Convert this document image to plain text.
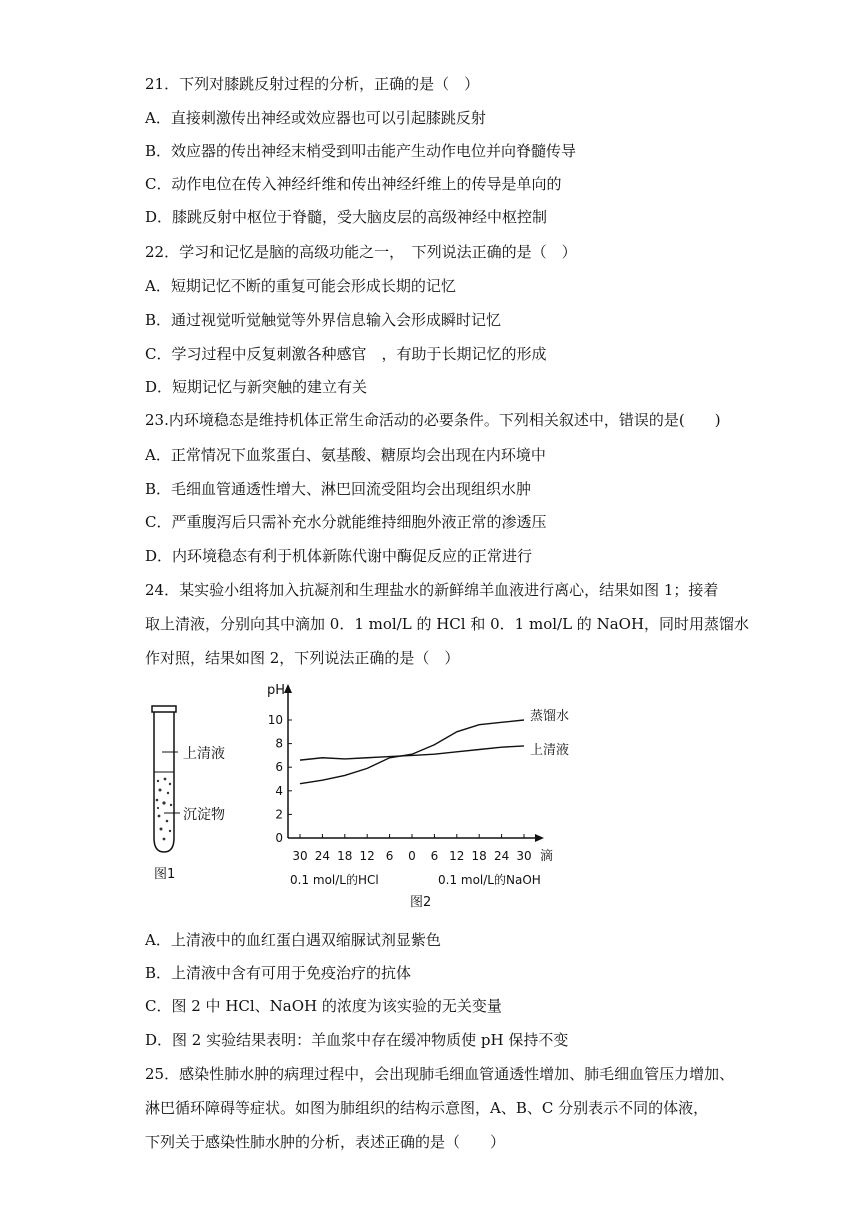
21．下列对膝跳反射过程的分析，正确的是（　）
A．直接刺激传出神经或效应器也可以引起膝跳反射
B．效应器的传出神经末梢受到叩击能产生动作电位并向脊髓传导
C．动作电位在传入神经纤维和传出神经纤维上的传导是单向的
D．膝跳反射中枢位于脊髓，受大脑皮层的高级神经中枢控制
22．学习和记忆是脑的高级功能之一，　下列说法正确的是（　）
A．短期记忆不断的重复可能会形成长期的记忆
B．通过视觉听觉触觉等外界信息输入会形成瞬时记忆
C．学习过程中反复刺激各种感官　，有助于长期记忆的形成
D．短期记忆与新突触的建立有关
23.内环境稳态是维持机体正常生命活动的必要条件。下列相关叙述中，错误的是(　　)
A．正常情况下血浆蛋白、氨基酸、糖原均会出现在内环境中
B．毛细血管通透性增大、淋巴回流受阻均会出现组织水肿
C．严重腹泻后只需补充水分就能维持细胞外液正常的渗透压
D．内环境稳态有利于机体新陈代谢中酶促反应的正常进行
24．某实验小组将加入抗凝剂和生理盐水的新鲜绵羊血液进行离心，结果如图 1；接着
取上清液，分别向其中滴加 0．1 mol/L 的 HCl 和 0．1 mol/L 的 NaOH，同时用蒸馏水
作对照，结果如图 2，下列说法正确的是（　）
上清液
沉淀物
图1
pH
滴
0
2
4
6
8
10
30 24 18 12 6 0 6 12 18 24 30
蒸馏水
上清液
0.1 mol/L的HCl	0.1 mol/L的NaOH
图2
A．上清液中的血红蛋白遇双缩脲试剂显紫色
B．上清液中含有可用于免疫治疗的抗体
C．图 2 中 HCl、NaOH 的浓度为该实验的无关变量
D．图 2 实验结果表明：羊血浆中存在缓冲物质使 pH 保持不变
25．感染性肺水肿的病理过程中，会出现肺毛细血管通透性增加、肺毛细血管压力增加、
淋巴循环障碍等症状。如图为肺组织的结构示意图，A、B、C 分别表示不同的体液，
下列关于感染性肺水肿的分析，表述正确的是（　　）
